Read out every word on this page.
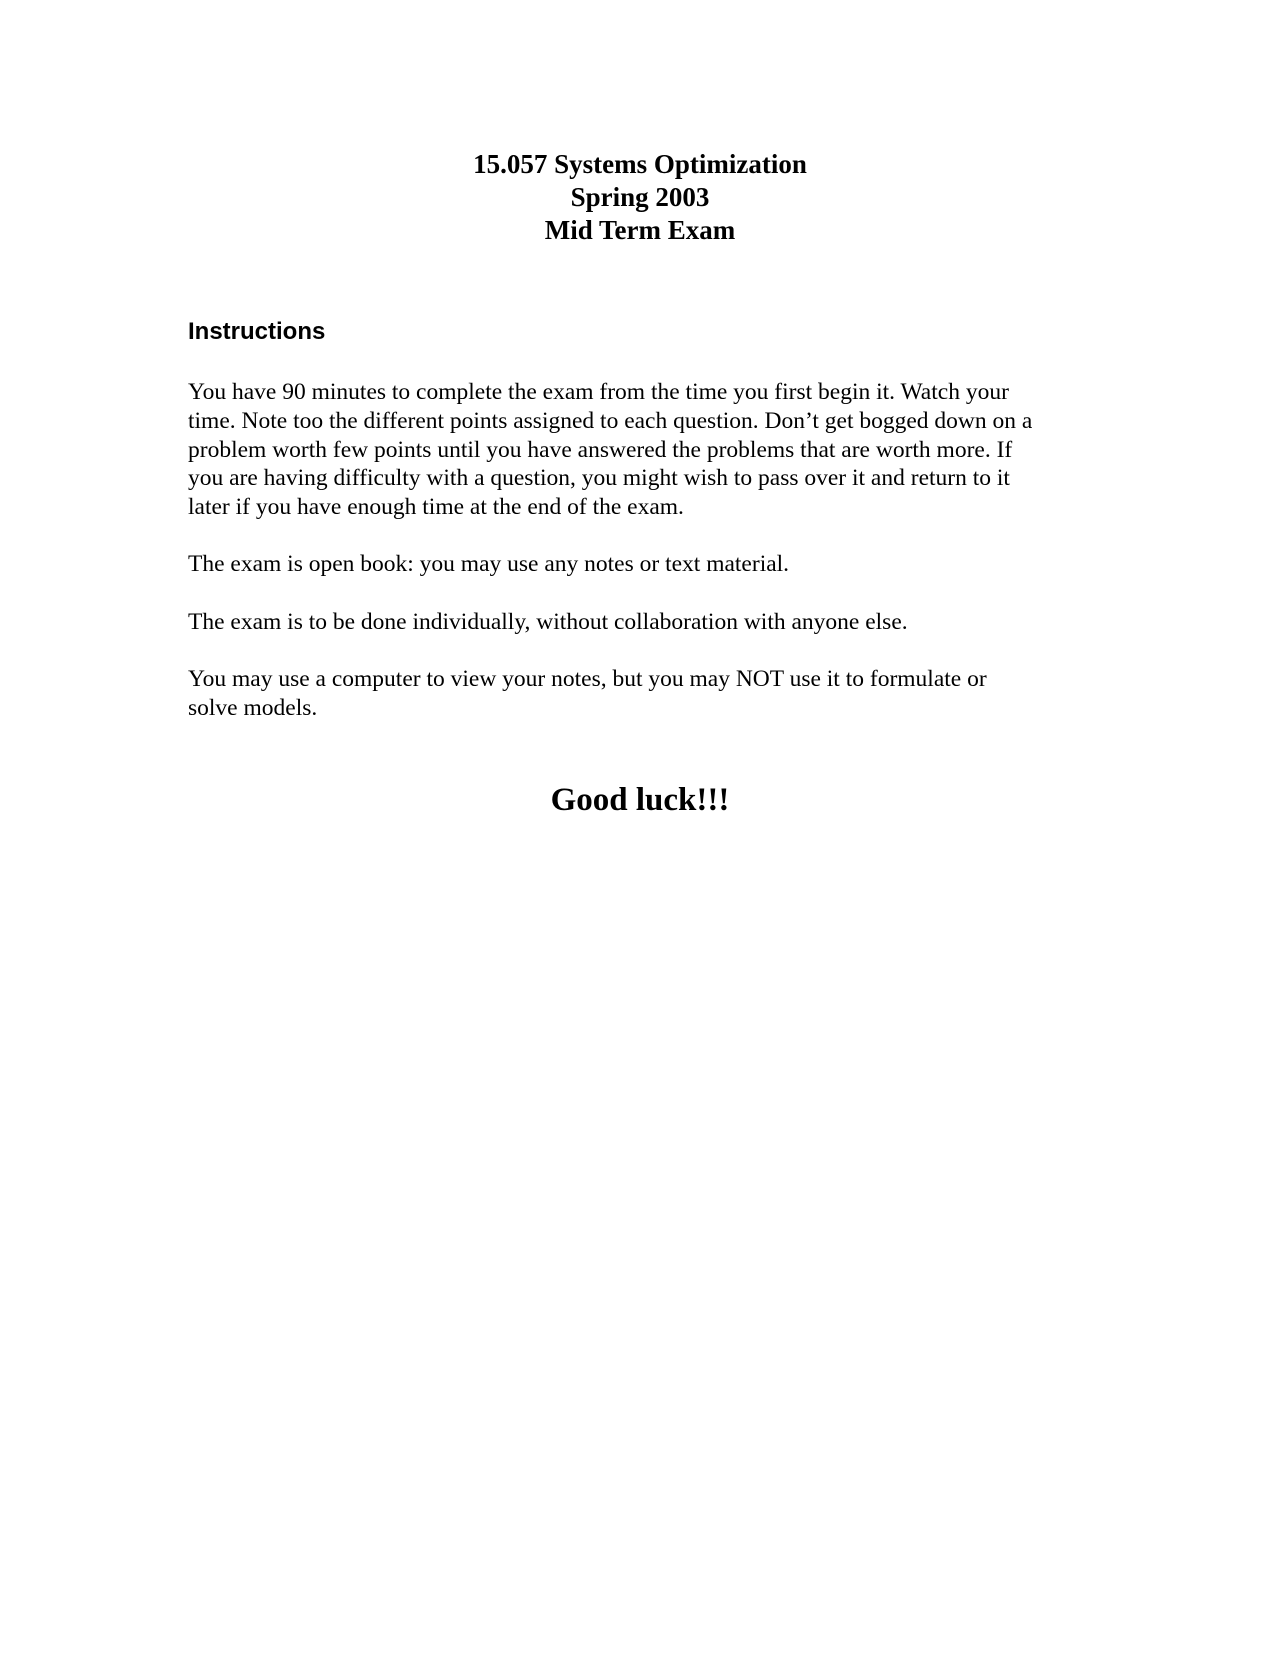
15.057 Systems Optimization
Spring 2003
Mid Term Exam
Instructions
You have 90 minutes to complete the exam from the time you first begin it. Watch your
time. Note too the different points assigned to each question. Don’t get bogged down on a
problem worth few points until you have answered the problems that are worth more. If
you are having difficulty with a question, you might wish to pass over it and return to it
later if you have enough time at the end of the exam.
The exam is open book: you may use any notes or text material.
The exam is to be done individually, without collaboration with anyone else.
You may use a computer to view your notes, but you may NOT use it to formulate or
solve models.
Good luck!!!
